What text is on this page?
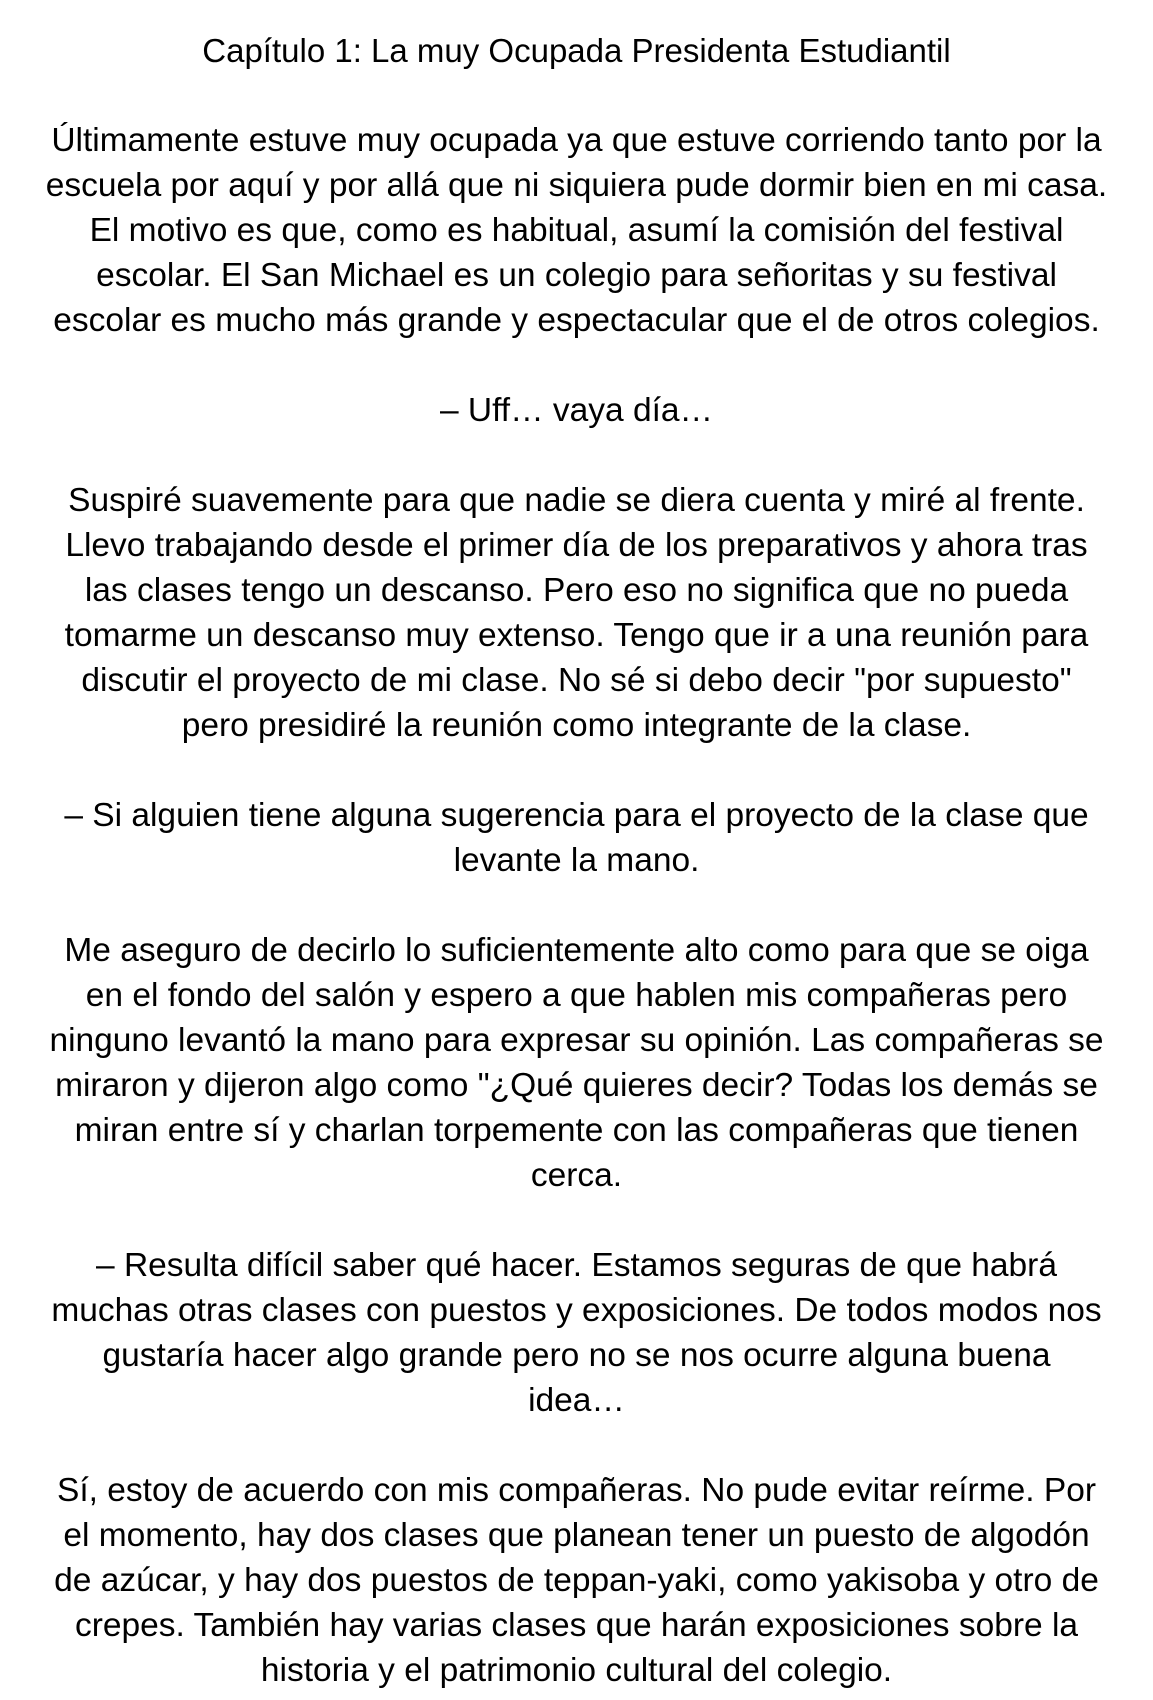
Capítulo 1: La muy Ocupada Presidenta Estudiantil
Últimamente estuve muy ocupada ya que estuve corriendo tanto por la
escuela por aquí y por allá que ni siquiera pude dormir bien en mi casa.
El motivo es que, como es habitual, asumí la comisión del festival
escolar. El San Michael es un colegio para señoritas y su festival
escolar es mucho más grande y espectacular que el de otros colegios.
– Uff… vaya día…
Suspiré suavemente para que nadie se diera cuenta y miré al frente.
Llevo trabajando desde el primer día de los preparativos y ahora tras
las clases tengo un descanso. Pero eso no significa que no pueda
tomarme un descanso muy extenso. Tengo que ir a una reunión para
discutir el proyecto de mi clase. No sé si debo decir "por supuesto"
pero presidiré la reunión como integrante de la clase.
– Si alguien tiene alguna sugerencia para el proyecto de la clase que
levante la mano.
Me aseguro de decirlo lo suficientemente alto como para que se oiga
en el fondo del salón y espero a que hablen mis compañeras pero
ninguno levantó la mano para expresar su opinión. Las compañeras se
miraron y dijeron algo como "¿Qué quieres decir? Todas los demás se
miran entre sí y charlan torpemente con las compañeras que tienen
cerca.
– Resulta difícil saber qué hacer. Estamos seguras de que habrá
muchas otras clases con puestos y exposiciones. De todos modos nos
gustaría hacer algo grande pero no se nos ocurre alguna buena
idea…
Sí, estoy de acuerdo con mis compañeras. No pude evitar reírme. Por
el momento, hay dos clases que planean tener un puesto de algodón
de azúcar, y hay dos puestos de teppan-yaki, como yakisoba y otro de
crepes. También hay varias clases que harán exposiciones sobre la
historia y el patrimonio cultural del colegio.
